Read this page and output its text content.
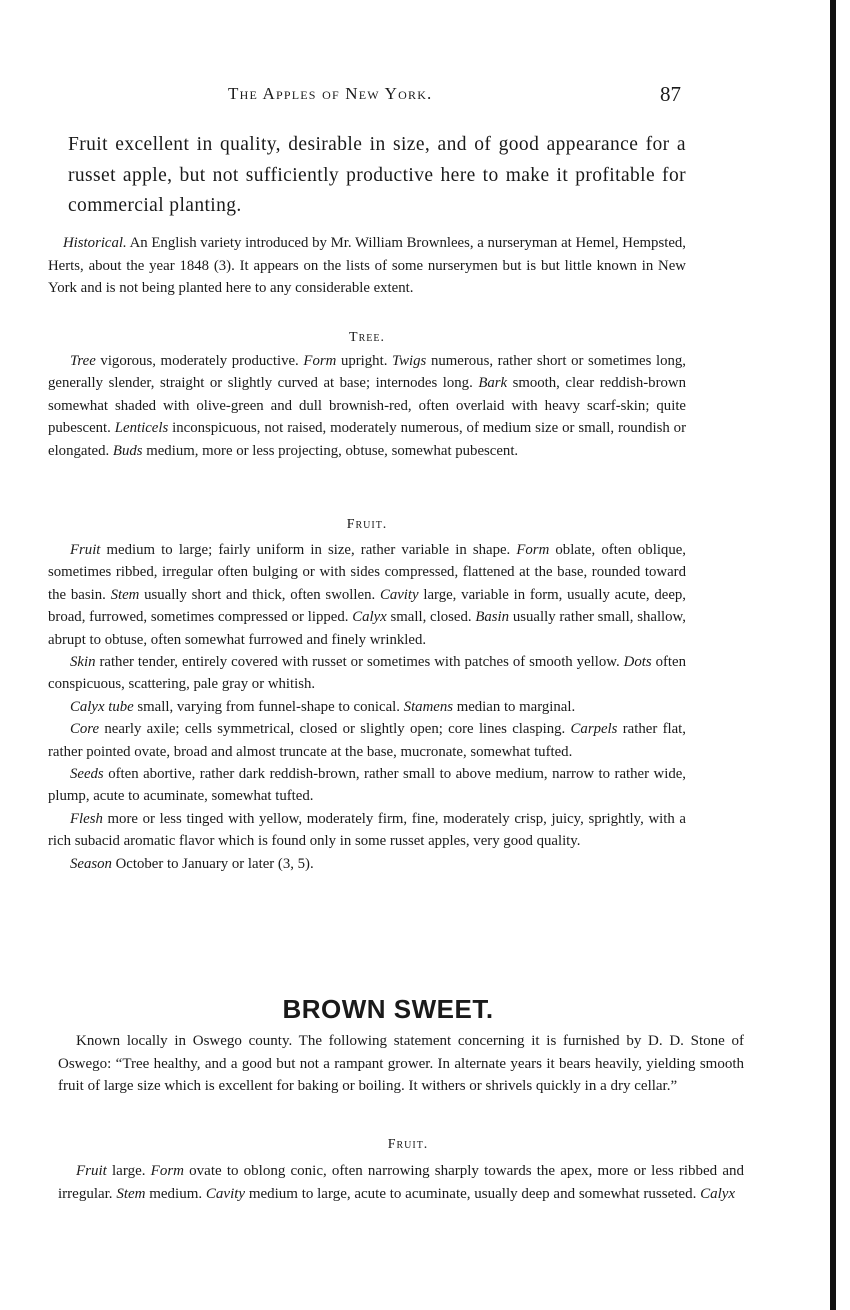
The Apples of New York.	87

Fruit excellent in quality, desirable in size, and of good appearance for a russet apple, but not sufficiently productive here to make it profitable for commercial planting.

Historical. An English variety introduced by Mr. William Brownlees, a nurseryman at Hemel, Hempsted, Herts, about the year 1848 (3). It appears on the lists of some nurserymen but is but little known in New York and is not being planted here to any considerable extent.

Tree.

Tree vigorous, moderately productive. Form upright. Twigs numerous, rather short or sometimes long, generally slender, straight or slightly curved at base; internodes long. Bark smooth, clear reddish-brown somewhat shaded with olive-green and dull brownish-red, often overlaid with heavy scarf-skin; quite pubescent. Lenticels inconspicuous, not raised, moderately numerous, of medium size or small, roundish or elongated. Buds medium, more or less projecting, obtuse, somewhat pubescent.

Fruit.

Fruit medium to large; fairly uniform in size, rather variable in shape. Form oblate, often oblique, sometimes ribbed, irregular often bulging or with sides compressed, flattened at the base, rounded toward the basin. Stem usually short and thick, often swollen. Cavity large, variable in form, usually acute, deep, broad, furrowed, sometimes compressed or lipped. Calyx small, closed. Basin usually rather small, shallow, abrupt to obtuse, often somewhat furrowed and finely wrinkled.

Skin rather tender, entirely covered with russet or sometimes with patches of smooth yellow. Dots often conspicuous, scattering, pale gray or whitish.

Calyx tube small, varying from funnel-shape to conical. Stamens median to marginal.

Core nearly axile; cells symmetrical, closed or slightly open; core lines clasping. Carpels rather flat, rather pointed ovate, broad and almost truncate at the base, mucronate, somewhat tufted.

Seeds often abortive, rather dark reddish-brown, rather small to above medium, narrow to rather wide, plump, acute to acuminate, somewhat tufted.

Flesh more or less tinged with yellow, moderately firm, fine, moderately crisp, juicy, sprightly, with a rich subacid aromatic flavor which is found only in some russet apples, very good quality.

Season October to January or later (3, 5).

BROWN SWEET.

Known locally in Oswego county. The following statement concerning it is furnished by D. D. Stone of Oswego: “Tree healthy, and a good but not a rampant grower. In alternate years it bears heavily, yielding smooth fruit of large size which is excellent for baking or boiling. It withers or shrivels quickly in a dry cellar.”

Fruit.

Fruit large. Form ovate to oblong conic, often narrowing sharply towards the apex, more or less ribbed and irregular. Stem medium. Cavity medium to large, acute to acuminate, usually deep and somewhat russeted. Calyx
